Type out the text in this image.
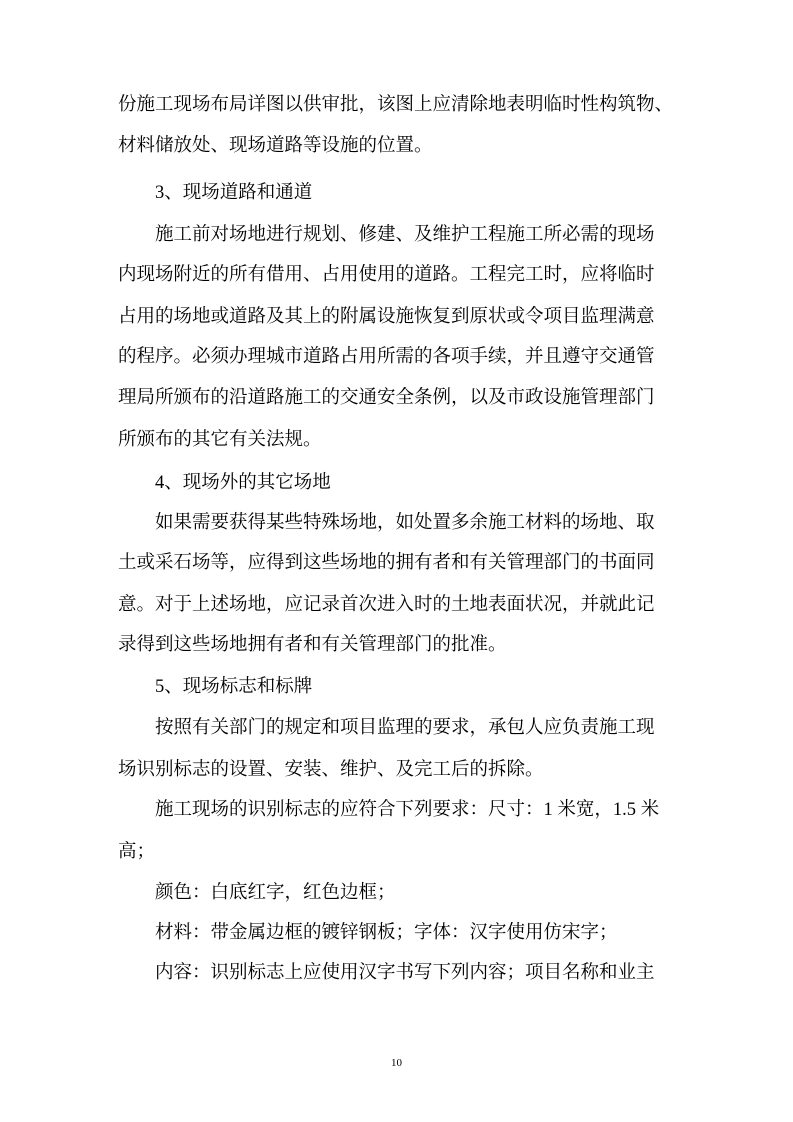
份施工现场布局详图以供审批，该图上应清除地表明临时性构筑物、
材料储放处、现场道路等设施的位置。
3、现场道路和通道
施工前对场地进行规划、修建、及维护工程施工所必需的现场
内现场附近的所有借用、占用使用的道路。工程完工时，应将临时
占用的场地或道路及其上的附属设施恢复到原状或令项目监理满意
的程序。必须办理城市道路占用所需的各项手续，并且遵守交通管
理局所颁布的沿道路施工的交通安全条例，以及市政设施管理部门
所颁布的其它有关法规。
4、现场外的其它场地
如果需要获得某些特殊场地，如处置多余施工材料的场地、取
土或采石场等，应得到这些场地的拥有者和有关管理部门的书面同
意。对于上述场地，应记录首次进入时的土地表面状况，并就此记
录得到这些场地拥有者和有关管理部门的批准。
5、现场标志和标牌
按照有关部门的规定和项目监理的要求，承包人应负责施工现
场识别标志的设置、安装、维护、及完工后的拆除。
施工现场的识别标志的应符合下列要求：尺寸：1 米宽，1.5 米
高；
颜色：白底红字，红色边框；
材料：带金属边框的镀锌钢板；字体：汉字使用仿宋字；
内容：识别标志上应使用汉字书写下列内容；项目名称和业主
10
